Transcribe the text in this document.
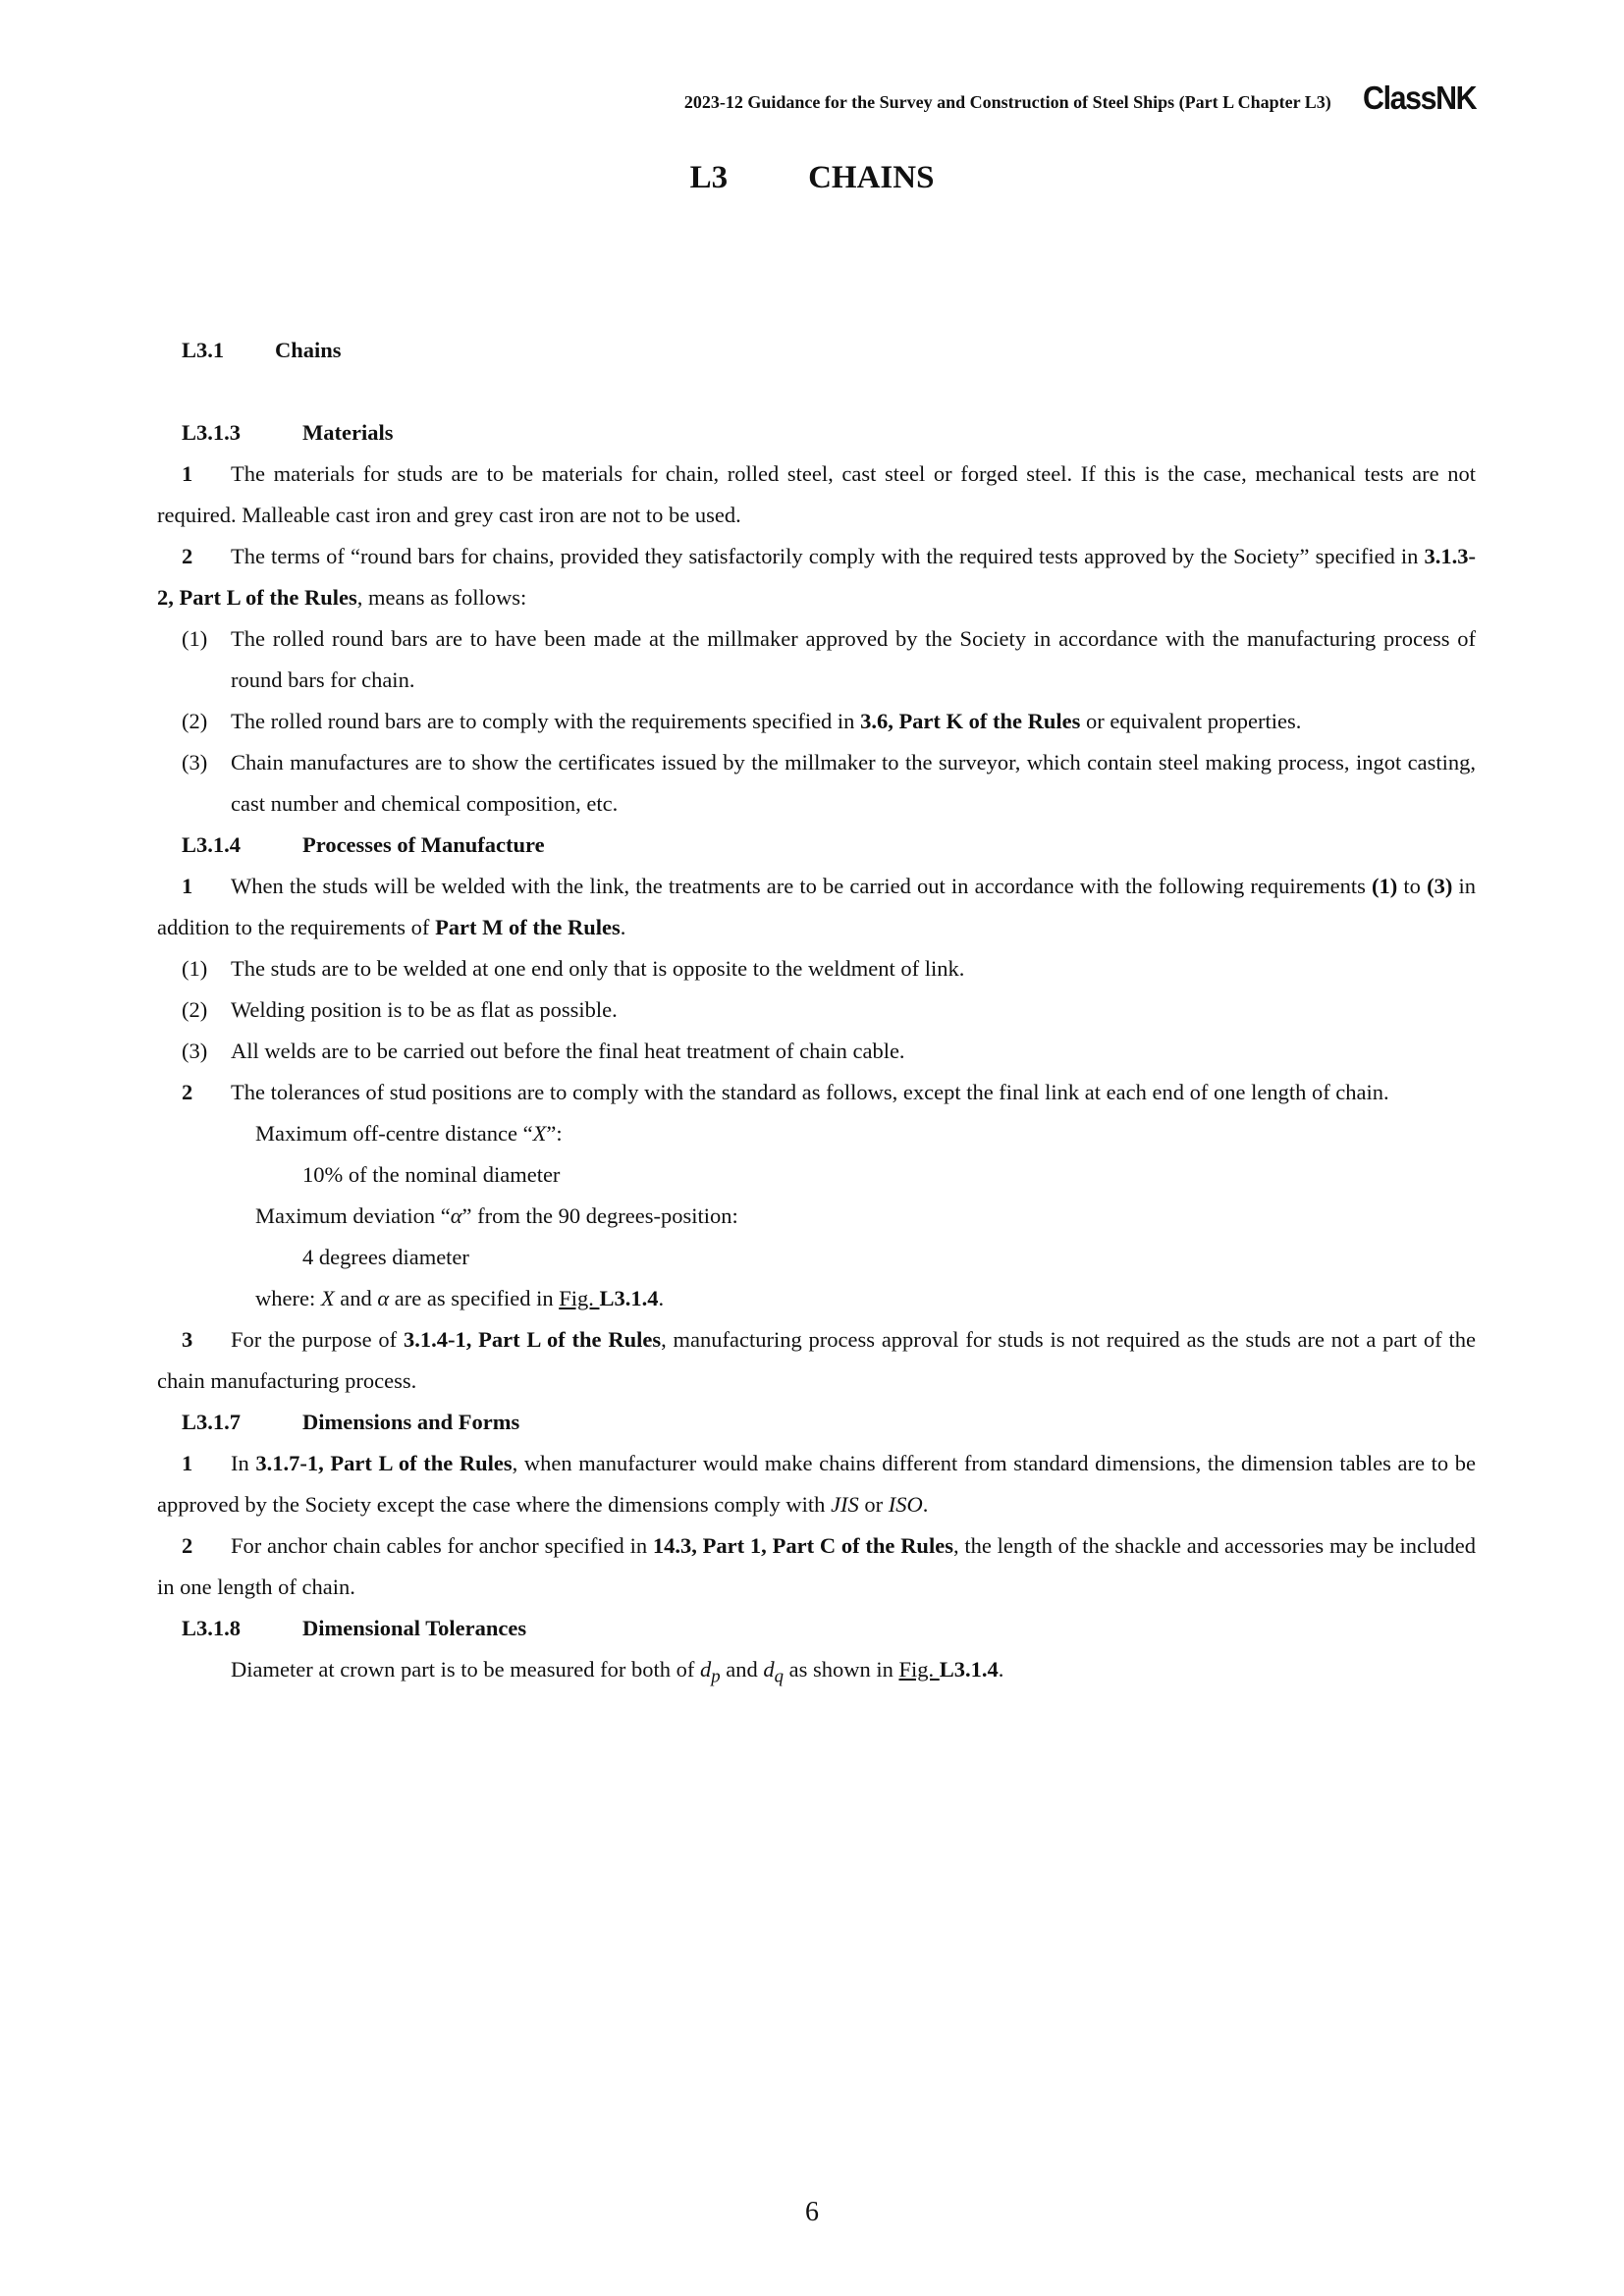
2023-12 Guidance for the Survey and Construction of Steel Ships (Part L Chapter L3) ClassNK
L3 CHAINS

L3.1 Chains

L3.1.3	Materials

1 The materials for studs are to be materials for chain, rolled steel, cast steel or forged steel. If this is the case, mechanical tests are not required. Malleable cast iron and grey cast iron are not to be used.

2 The terms of “round bars for chains, provided they satisfactorily comply with the required tests approved by the Society” specified in 3.1.3-2, Part L of the Rules, means as follows:

(1) The rolled round bars are to have been made at the millmaker approved by the Society in accordance with the manufacturing process of round bars for chain.

(2) The rolled round bars are to comply with the requirements specified in 3.6, Part K of the Rules or equivalent properties.

(3) Chain manufactures are to show the certificates issued by the millmaker to the surveyor, which contain steel making process, ingot casting, cast number and chemical composition, etc.

L3.1.4	Processes of Manufacture

1 When the studs will be welded with the link, the treatments are to be carried out in accordance with the following requirements (1) to (3) in addition to the requirements of Part M of the Rules.

(1) The studs are to be welded at one end only that is opposite to the weldment of link.

(2) Welding position is to be as flat as possible.

(3) All welds are to be carried out before the final heat treatment of chain cable.

2 The tolerances of stud positions are to comply with the standard as follows, except the final link at each end of one length of chain.

Maximum off-centre distance “X”:

10% of the nominal diameter

Maximum deviation “α” from the 90 degrees-position:

4 degrees diameter

where: X and α are as specified in Fig. L3.1.4.

3 For the purpose of 3.1.4-1, Part L of the Rules, manufacturing process approval for studs is not required as the studs are not a part of the chain manufacturing process.

L3.1.7	Dimensions and Forms

1 In 3.1.7-1, Part L of the Rules, when manufacturer would make chains different from standard dimensions, the dimension tables are to be approved by the Society except the case where the dimensions comply with JIS or ISO.

2 For anchor chain cables for anchor specified in 14.3, Part 1, Part C of the Rules, the length of the shackle and accessories may be included in one length of chain.

L3.1.8	Dimensional Tolerances

Diameter at crown part is to be measured for both of $d_p$ and $d_q$ as shown in Fig. L3.1.4.

6
